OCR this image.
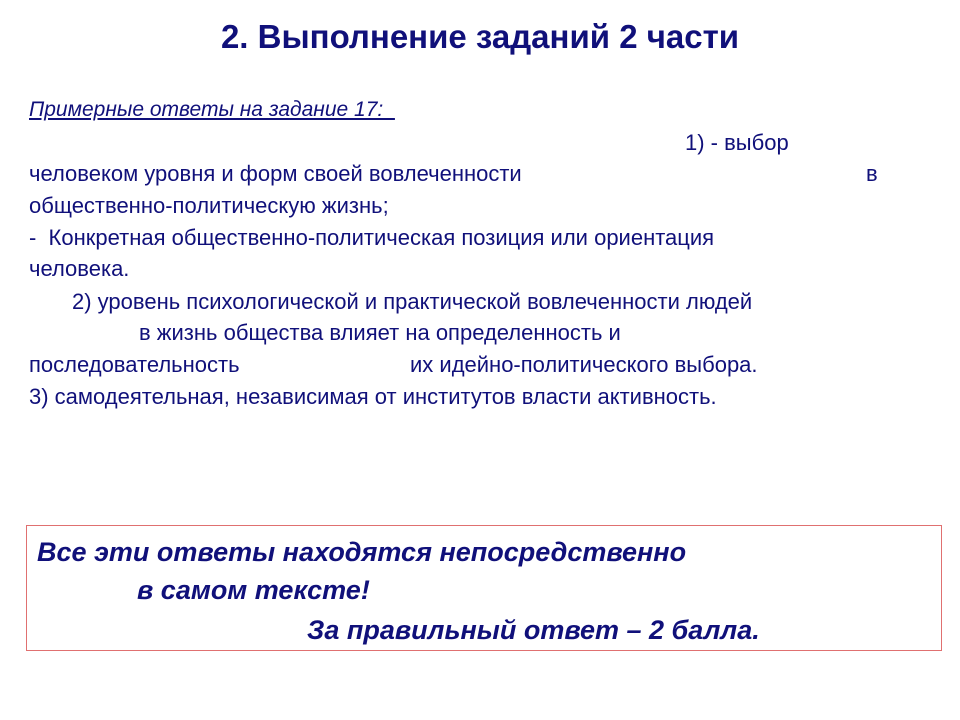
2. Выполнение заданий 2 части
Примерные ответы на задание 17:
1) - выбор
человеком уровня и форм своей вовлеченности	в
общественно-политическую жизнь;
-  Конкретная общественно-политическая позиция или ориентация
человека.
2) уровень психологической и практической вовлеченности людей
в жизнь общества влияет на определенность и
последовательность	их идейно-политического выбора.
3) самодеятельная, независимая от институтов власти активность.
Все эти ответы находятся непосредственно
в самом тексте!
За правильный ответ – 2 балла.
